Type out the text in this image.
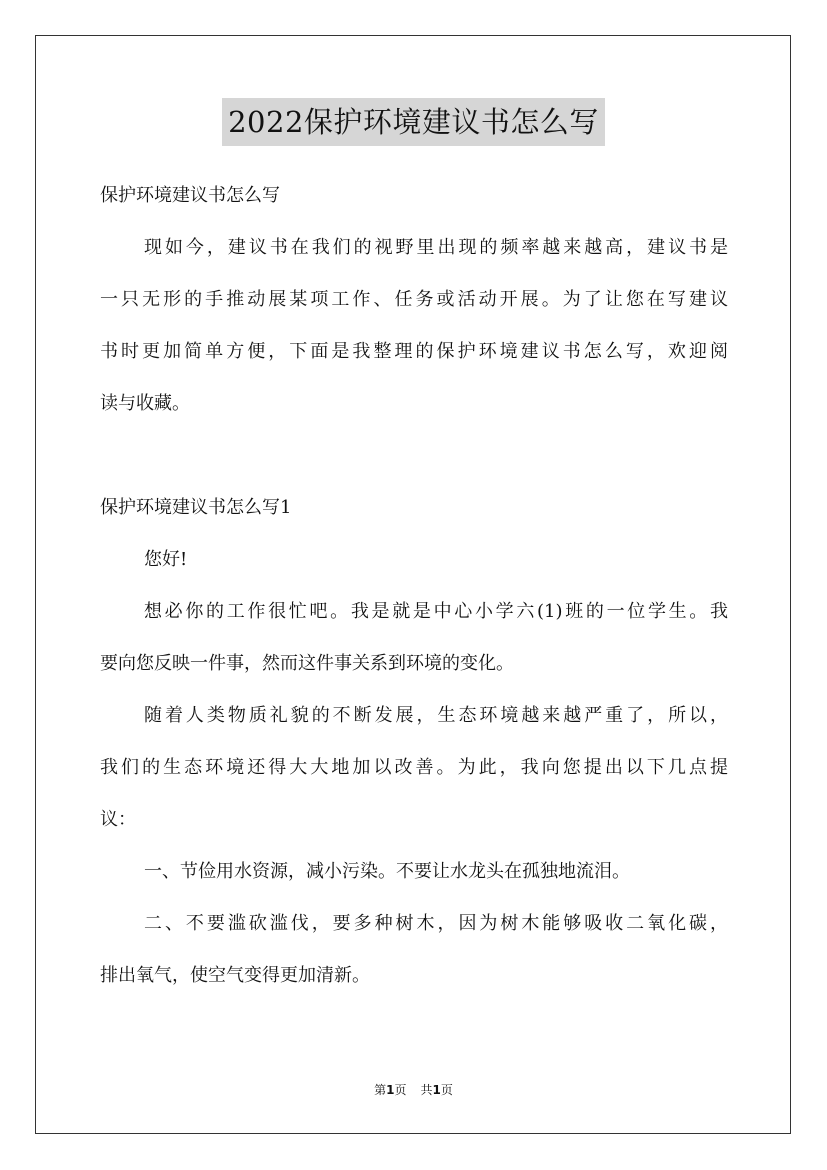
2022保护环境建议书怎么写
保护环境建议书怎么写
现如今，建议书在我们的视野里出现的频率越来越高，建议书是
一只无形的手推动展某项工作、任务或活动开展。为了让您在写建议
书时更加简单方便，下面是我整理的保护环境建议书怎么写，欢迎阅
读与收藏。
保护环境建议书怎么写1
您好!
想必你的工作很忙吧。我是就是中心小学六(1)班的一位学生。我
要向您反映一件事，然而这件事关系到环境的变化。
随着人类物质礼貌的不断发展，生态环境越来越严重了，所以，
我们的生态环境还得大大地加以改善。为此，我向您提出以下几点提
议：
一、节俭用水资源，减小污染。不要让水龙头在孤独地流泪。
二、不要滥砍滥伐，要多种树木，因为树木能够吸收二氧化碳，
排出氧气，使空气变得更加清新。
第1页 共1页
